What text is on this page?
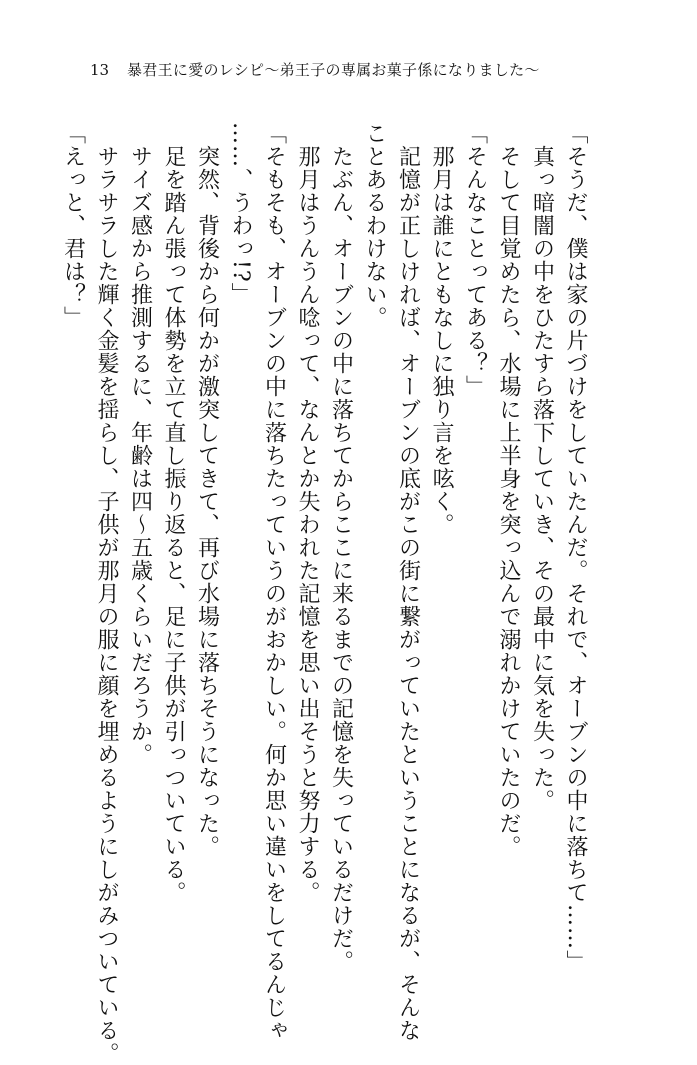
13 暴君王に愛のレシピ〜弟王子の専属お菓子係になりました〜
「そうだ、僕は家の片づけをしていたんだ。それで、オーブンの中に落ちて……」
　真っ暗闇の中をひたすら落下していき、その最中に気を失った。
　そして目覚めたら、水場に上半身を突っ込んで溺れかけていたのだ。
「そんなことってある？」
　那月は誰にともなしに独り言を呟く。
　記憶が正しければ、オーブンの底がこの街に繋がっていたということになるが、そんな
ことあるわけない。
　たぶん、オーブンの中に落ちてからここに来るまでの記憶を失っているだけだ。
　那月はうんうん唸って、なんとか失われた記憶を思い出そうと努力する。
「そもそも、オーブンの中に落ちたっていうのがおかしい。何か思い違いをしてるんじゃ
……、うわっ!?」
　突然、背後から何かが激突してきて、再び水場に落ちそうになった。
　足を踏ん張って体勢を立て直し振り返ると、足に子供が引っついている。
　サイズ感から推測するに、年齢は四〜五歳くらいだろうか。
　サラサラした輝く金髪を揺らし、子供が那月の服に顔を埋めるようにしがみついている。
「えっと、君は？」
